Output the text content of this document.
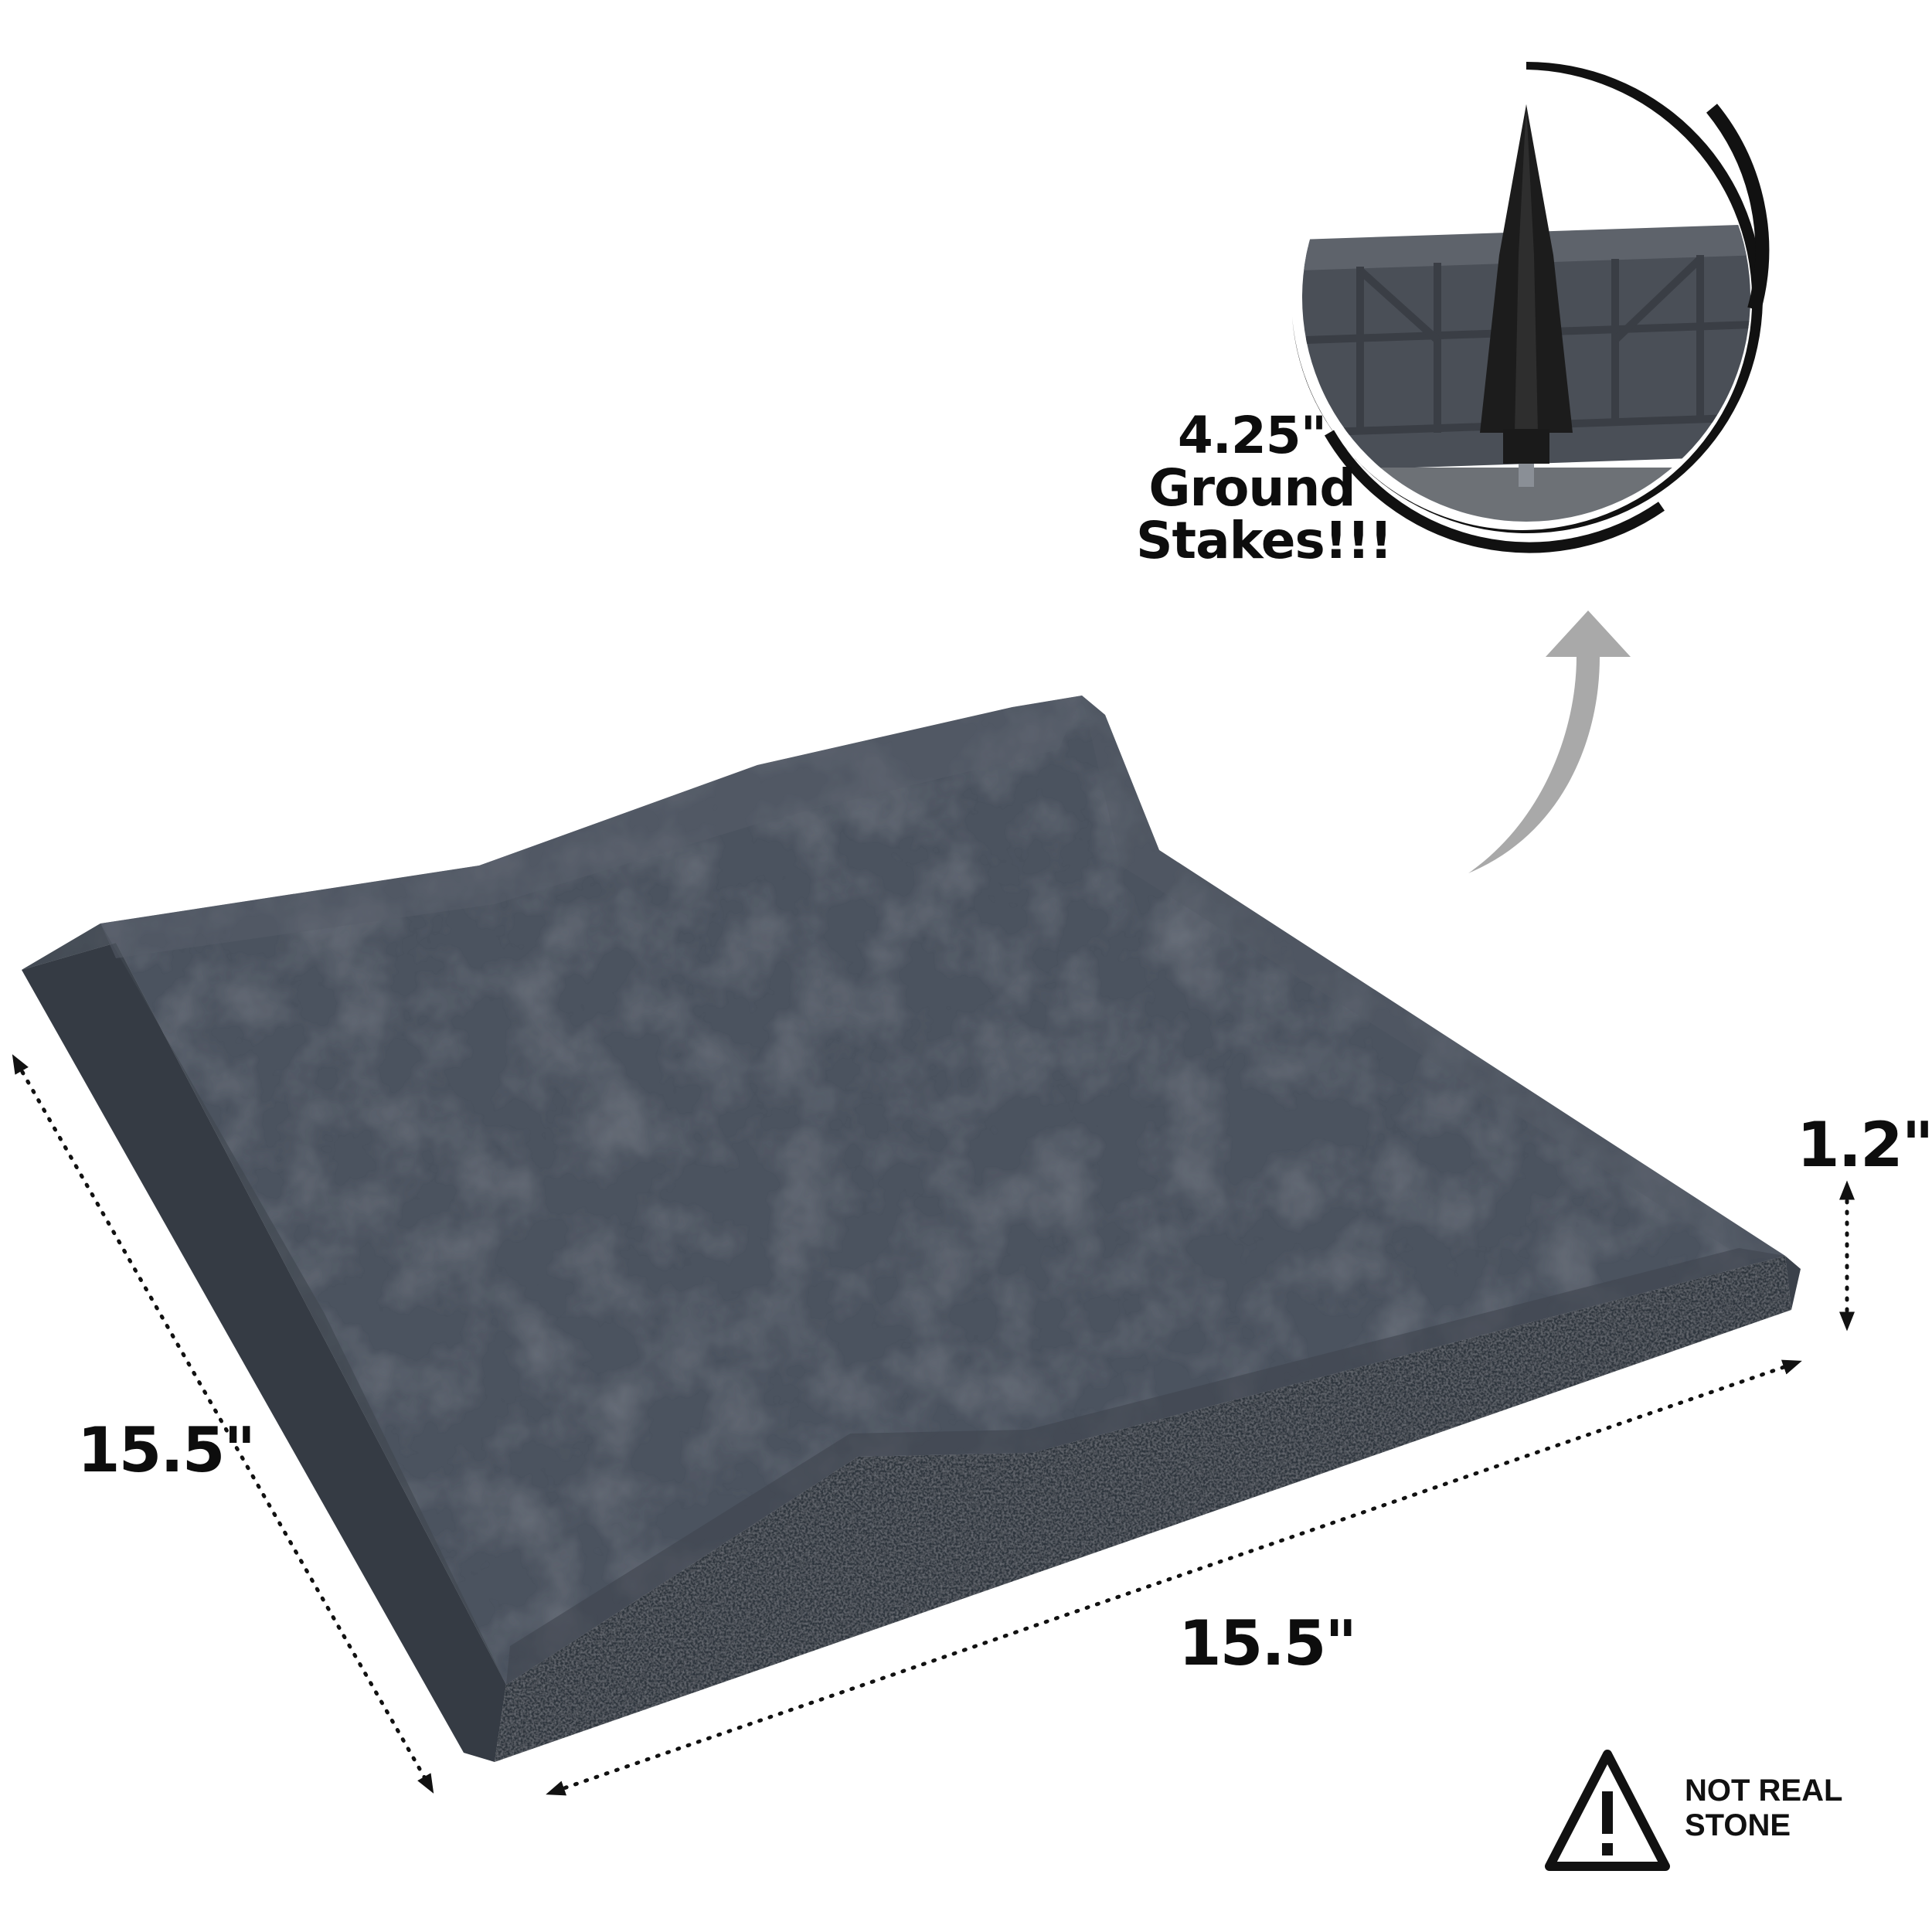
15.5"
15.5"
1.2"
4.25"
Ground
Stakes!!!
NOT REAL STONE
